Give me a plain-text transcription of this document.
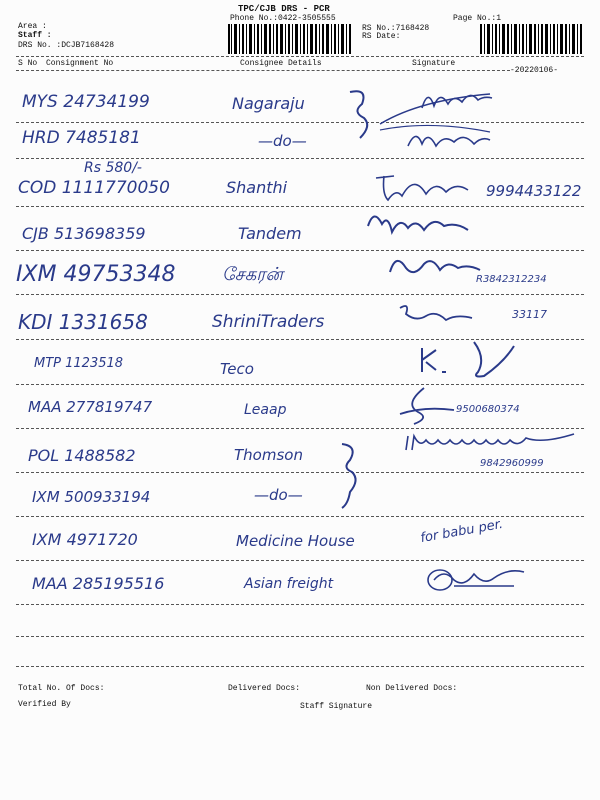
Area :
Staff :
DRS No. :DCJB7168428
TPC/CJB DRS - PCR
Phone No.:0422-3505555
RS No.:7168428
RS Date:
Page No.:1
S No Consignment No	Consignee Details	Signature
-20220106-
MYS 24734199	Nagaraju
HRD 7485181	—do—
Rs 580/-
COD 1111770050	Shanthi	9994433122
CJB 513698359	Tandem
IXM 49753348	சேகரன்	R3842312234
KDI 1331658	ShriniTraders	33117
MTP 1123518	Teco
MAA 277819747	Leaap	9500680374
POL 1488582	Thomson	9842960999
IXM 500933194	—do—
IXM 4971720	Medicine House	for babu per.
MAA 285195516	Asian freight
Total No. Of Docs:	Delivered Docs:	Non Delivered Docs:
Verified By	Staff Signature
